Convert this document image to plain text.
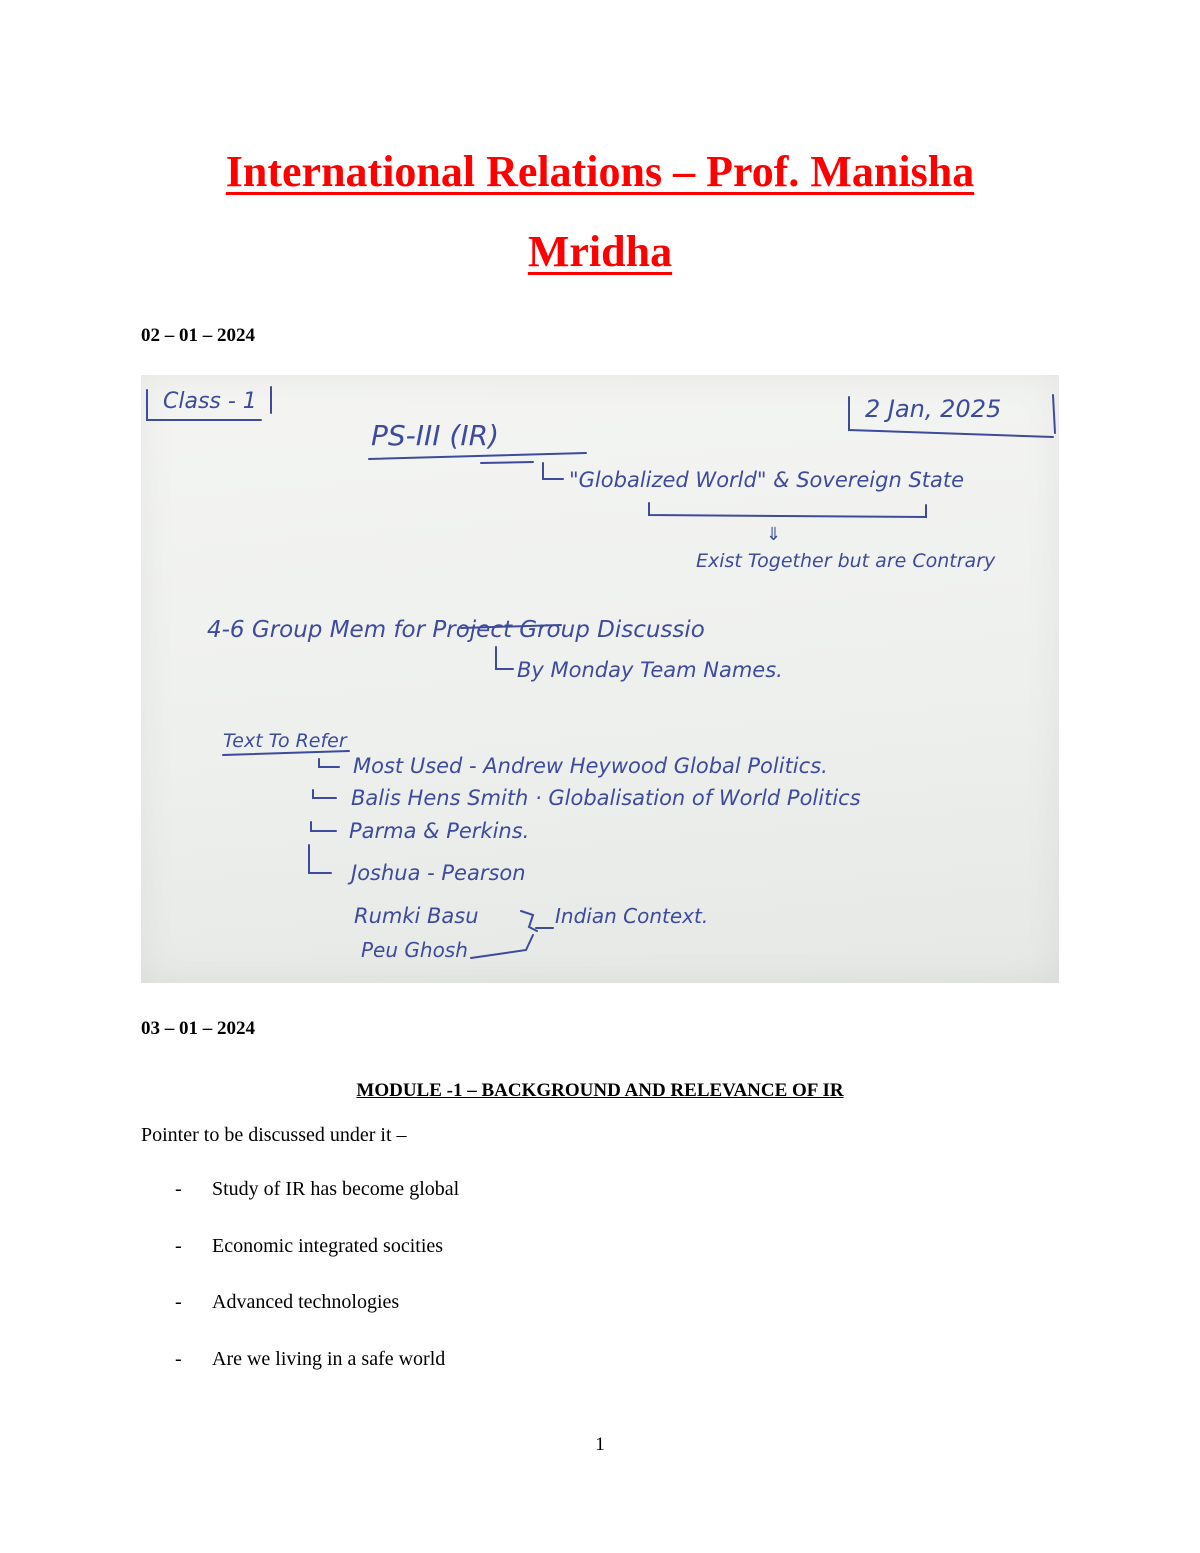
International Relations – Prof. Manisha
Mridha
02 – 01 – 2024
Class - 1	2 Jan, 2025
PS-III (IR)
"Globalized World" & Sovereign State
⇓
Exist Together but are Contrary
4-6 Group Mem for Project Group Discussio
By Monday Team Names.
Text To Refer
Most Used - Andrew Heywood Global Politics.
Balis Hens Smith · Globalisation of World Politics
Parma & Perkins.
Joshua - Pearson
Rumki Basu
Peu Ghosh
Indian Context.
03 – 01 – 2024
MODULE -1 – BACKGROUND AND RELEVANCE OF IR
Pointer to be discussed under it –
- Study of IR has become global
- Economic integrated socities
- Advanced technologies
- Are we living in a safe world
1
